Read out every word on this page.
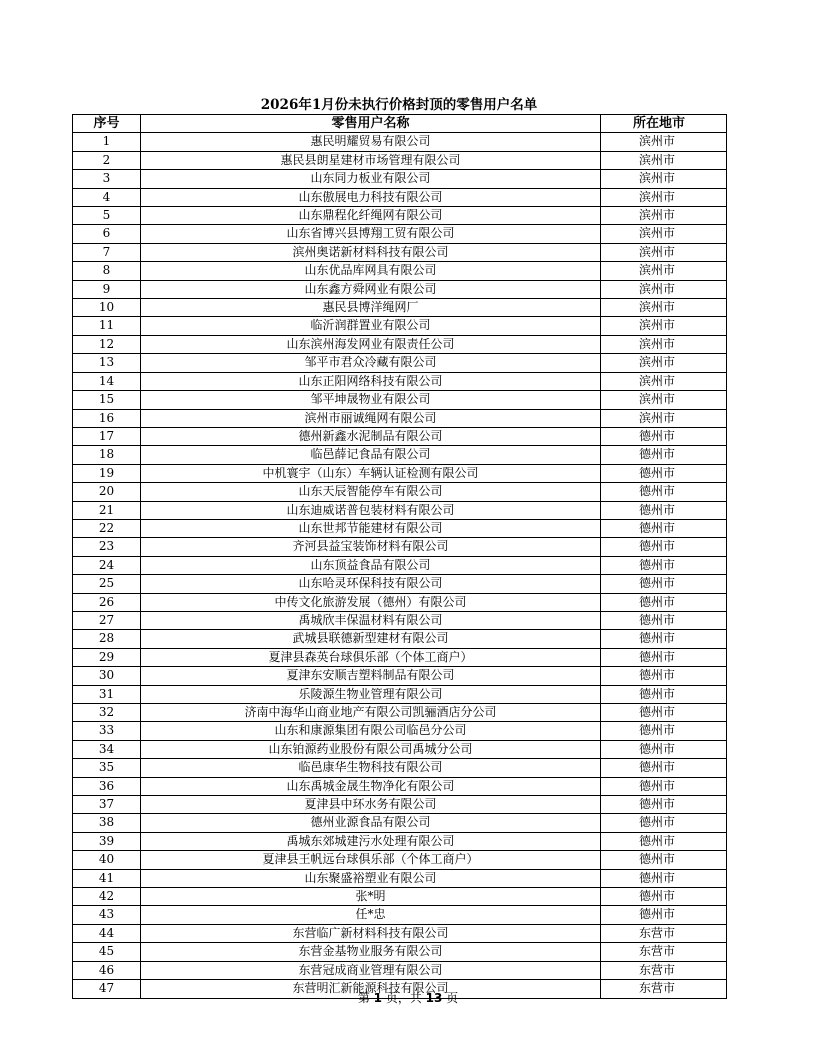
2026年1月份未执行价格封顶的零售用户名单
序号	零售用户名称	所在地市
1	惠民明耀贸易有限公司	滨州市
2	惠民县朗星建材市场管理有限公司	滨州市
3	山东同力板业有限公司	滨州市
4	山东傲展电力科技有限公司	滨州市
5	山东鼎程化纤绳网有限公司	滨州市
6	山东省博兴县博翔工贸有限公司	滨州市
7	滨州奥诺新材料科技有限公司	滨州市
8	山东优品库网具有限公司	滨州市
9	山东鑫方舜网业有限公司	滨州市
10	惠民县博洋绳网厂	滨州市
11	临沂润群置业有限公司	滨州市
12	山东滨州海发网业有限责任公司	滨州市
13	邹平市君众冷藏有限公司	滨州市
14	山东正阳网络科技有限公司	滨州市
15	邹平坤晟物业有限公司	滨州市
16	滨州市丽诚绳网有限公司	滨州市
17	德州新鑫水泥制品有限公司	德州市
18	临邑薛记食品有限公司	德州市
19	中机寰宇（山东）车辆认证检测有限公司	德州市
20	山东天辰智能停车有限公司	德州市
21	山东迪威诺普包装材料有限公司	德州市
22	山东世邦节能建材有限公司	德州市
23	齐河县益宝装饰材料有限公司	德州市
24	山东顶益食品有限公司	德州市
25	山东哈灵环保科技有限公司	德州市
26	中传文化旅游发展（德州）有限公司	德州市
27	禹城欣丰保温材料有限公司	德州市
28	武城县联德新型建材有限公司	德州市
29	夏津县森英台球俱乐部（个体工商户）	德州市
30	夏津东安顺吉塑料制品有限公司	德州市
31	乐陵源生物业管理有限公司	德州市
32	济南中海华山商业地产有限公司凯骊酒店分公司	德州市
33	山东和康源集团有限公司临邑分公司	德州市
34	山东铂源药业股份有限公司禹城分公司	德州市
35	临邑康华生物科技有限公司	德州市
36	山东禹城金晟生物净化有限公司	德州市
37	夏津县中环水务有限公司	德州市
38	德州业源食品有限公司	德州市
39	禹城东郊城建污水处理有限公司	德州市
40	夏津县王帆远台球俱乐部（个体工商户）	德州市
41	山东聚盛裕塑业有限公司	德州市
42	张*明	德州市
43	任*忠	德州市
44	东营临广新材料科技有限公司	东营市
45	东营金基物业服务有限公司	东营市
46	东营冠成商业管理有限公司	东营市
47	东营明汇新能源科技有限公司	东营市
第 1 页，共 13 页
